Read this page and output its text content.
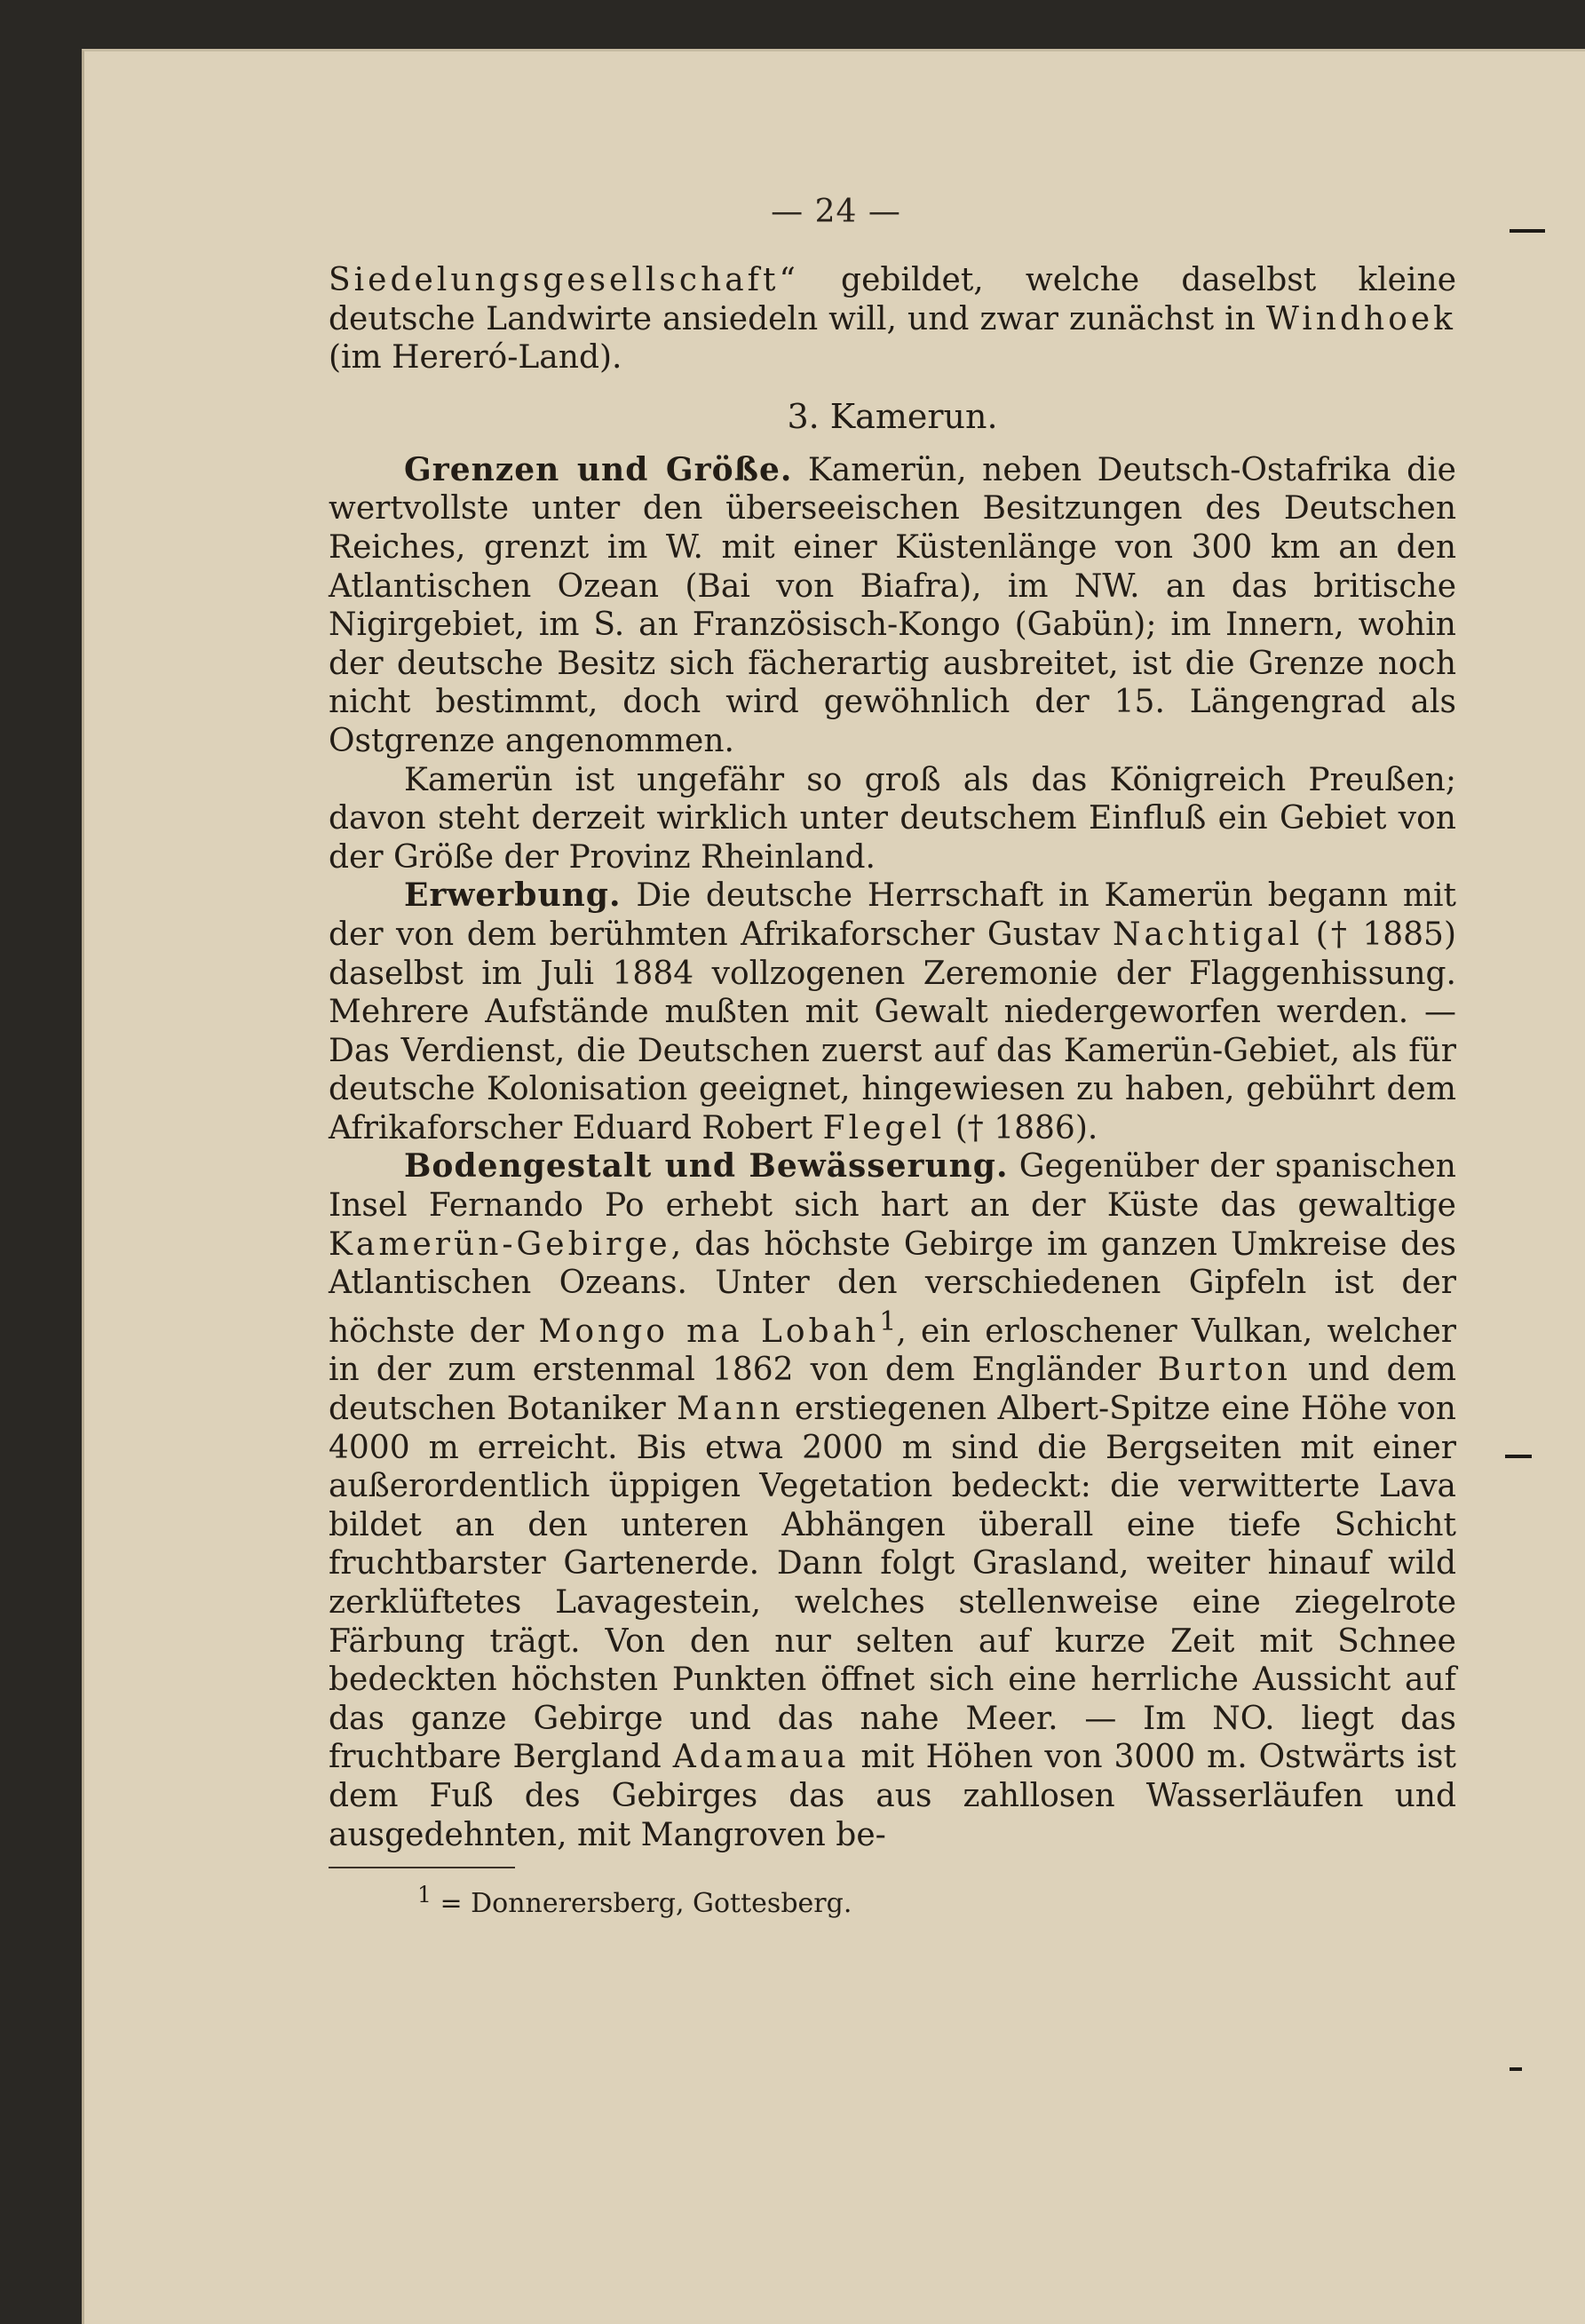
— 24 —

Siedelungsgesellschaft“ gebildet, welche daselbst kleine deutsche Landwirte ansiedeln will, und zwar zunächst in Windhoek (im Hereró-Land).

3. Kamerun.

Grenzen und Größe. Kamerün, neben Deutsch-Ostafrika die wertvollste unter den überseeischen Besitzungen des Deutschen Reiches, grenzt im W. mit einer Küstenlänge von 300 km an den Atlantischen Ozean (Bai von Biafra), im NW. an das britische Nigirgebiet, im S. an Französisch-Kongo (Gabün); im Innern, wohin der deutsche Besitz sich fächerartig ausbreitet, ist die Grenze noch nicht bestimmt, doch wird gewöhnlich der 15. Längengrad als Ostgrenze angenommen.

Kamerün ist ungefähr so groß als das Königreich Preußen; davon steht derzeit wirklich unter deutschem Einfluß ein Gebiet von der Größe der Provinz Rheinland.

Erwerbung. Die deutsche Herrschaft in Kamerün begann mit der von dem berühmten Afrikaforscher Gustav Nachtigal († 1885) daselbst im Juli 1884 vollzogenen Zeremonie der Flaggenhissung. Mehrere Aufstände mußten mit Gewalt niedergeworfen werden. — Das Verdienst, die Deutschen zuerst auf das Kamerün-Gebiet, als für deutsche Kolonisation geeignet, hingewiesen zu haben, gebührt dem Afrikaforscher Eduard Robert Flegel († 1886).

Bodengestalt und Bewässerung. Gegenüber der spanischen Insel Fernando Po erhebt sich hart an der Küste das gewaltige Kamerün-Gebirge, das höchste Gebirge im ganzen Umkreise des Atlantischen Ozeans. Unter den verschiedenen Gipfeln ist der höchste der Mongo ma Lobah$^1$, ein erloschener Vulkan, welcher in der zum erstenmal 1862 von dem Engländer Burton und dem deutschen Botaniker Mann erstiegenen Albert-Spitze eine Höhe von 4000 m erreicht. Bis etwa 2000 m sind die Bergseiten mit einer außerordentlich üppigen Vegetation bedeckt: die verwitterte Lava bildet an den unteren Abhängen überall eine tiefe Schicht fruchtbarster Gartenerde. Dann folgt Grasland, weiter hinauf wild zerklüftetes Lavagestein, welches stellenweise eine ziegelrote Färbung trägt. Von den nur selten auf kurze Zeit mit Schnee bedeckten höchsten Punkten öffnet sich eine herrliche Aussicht auf das ganze Gebirge und das nahe Meer. — Im NO. liegt das fruchtbare Bergland Adamaua mit Höhen von 3000 m. Ostwärts ist dem Fuß des Gebirges das aus zahllosen Wasserläufen und ausgedehnten, mit Mangroven be-

$^1$ = Donnerersberg, Gottesberg.
